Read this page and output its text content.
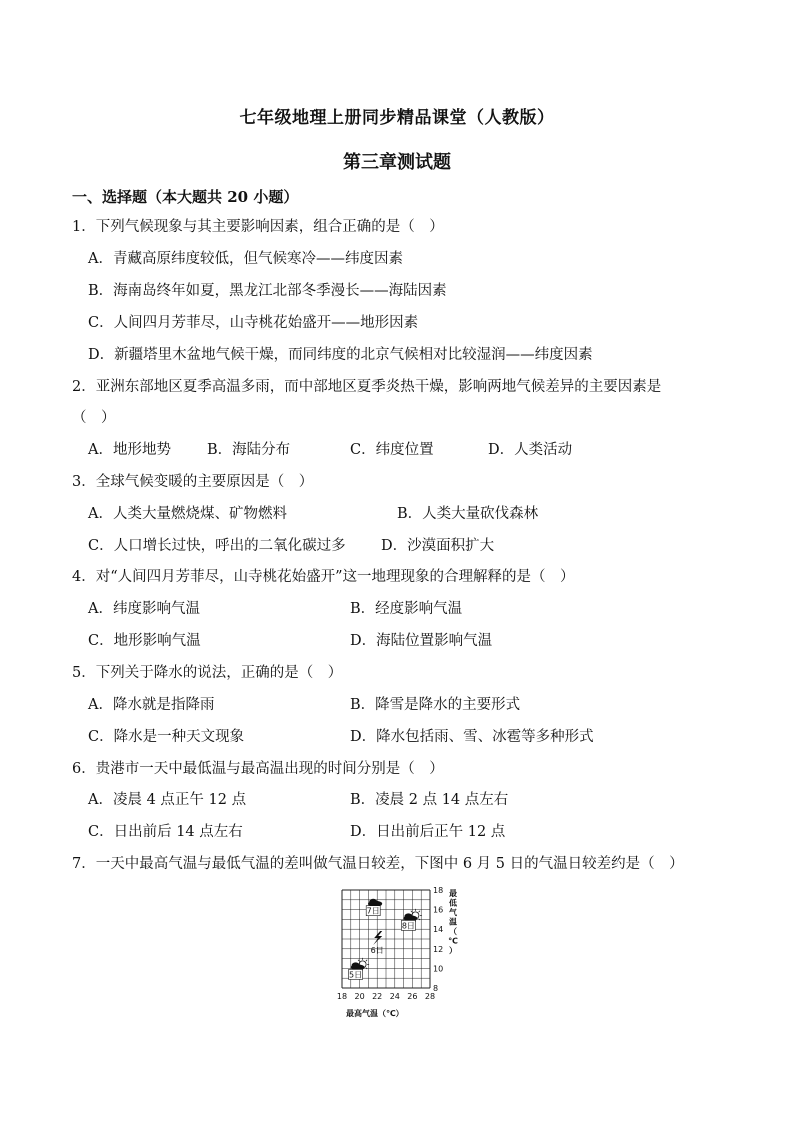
七年级地理上册同步精品课堂（人教版）
第三章测试题
一、选择题（本大题共 20 小题）
1．下列气候现象与其主要影响因素，组合正确的是（　）
A．青藏高原纬度较低，但气候寒冷——纬度因素
B．海南岛终年如夏，黑龙江北部冬季漫长——海陆因素
C．人间四月芳菲尽，山寺桃花始盛开——地形因素
D．新疆塔里木盆地气候干燥，而同纬度的北京气候相对比较湿润——纬度因素
2．亚洲东部地区夏季高温多雨，而中部地区夏季炎热干燥，影响两地气候差异的主要因素是
（　）
A．地形地势 B．海陆分布	C．纬度位置	D．人类活动
3．全球气候变暖的主要原因是（　）
A．人类大量燃烧煤、矿物燃料	B．人类大量砍伐森林
C．人口增长过快，呼出的二氧化碳过多 D．沙漠面积扩大
4．对“人间四月芳菲尽，山寺桃花始盛开”这一地理现象的合理解释的是（　）
A．纬度影响气温	B．经度影响气温
C．地形影响气温	D．海陆位置影响气温
5．下列关于降水的说法，正确的是（　）
A．降水就是指降雨	B．降雪是降水的主要形式
C．降水是一种天文现象	D．降水包括雨、雪、冰雹等多种形式
6．贵港市一天中最低温与最高温出现的时间分别是（　）
A．凌晨 4 点正午 12 点	B．凌晨 2 点 14 点左右
C．日出前后 14 点左右	D．日出前后正午 12 点
7．一天中最高气温与最低气温的差叫做气温日较差，下图中 6 月 5 日的气温日较差约是（　）
18 20 22 24 26 28
8
10
12
14
16
18
5日
6日
7日
8日
最高气温（℃）
最
低
气
温
（
℃
）
